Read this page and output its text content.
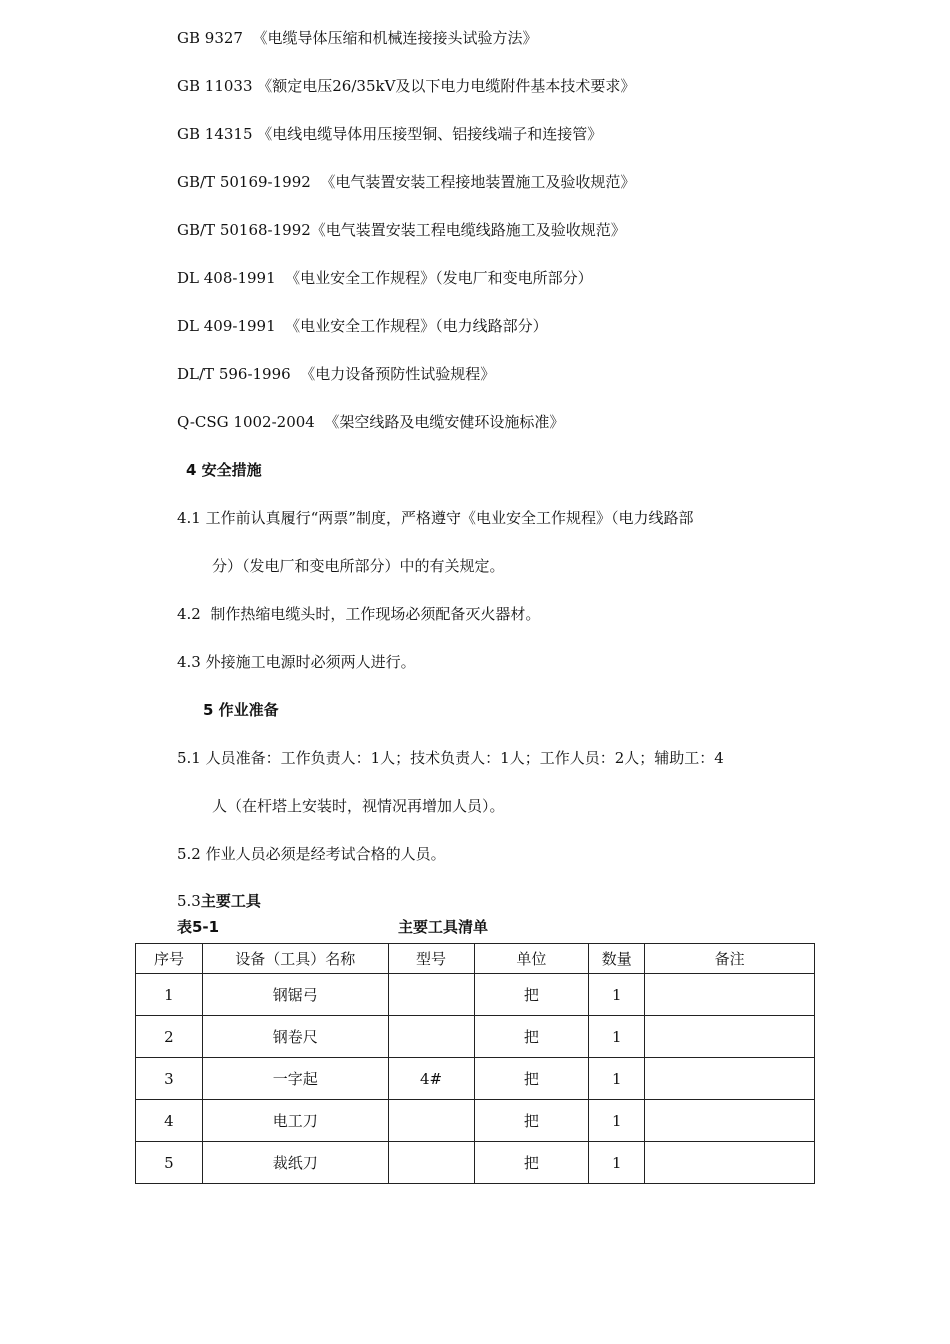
GB 9327  《电缆导体压缩和机械连接接头试验方法》
GB 11033 《额定电压26/35kV及以下电力电缆附件基本技术要求》
GB 14315 《电线电缆导体用压接型铜、铝接线端子和连接管》
GB/T 50169-1992  《电气装置安装工程接地装置施工及验收规范》
GB/T 50168-1992《电气装置安装工程电缆线路施工及验收规范》
DL 408-1991  《电业安全工作规程》（发电厂和变电所部分）
DL 409-1991  《电业安全工作规程》（电力线路部分）
DL/T 596-1996  《电力设备预防性试验规程》
Q-CSG 1002-2004  《架空线路及电缆安健环设施标准》
4 安全措施
4.1 工作前认真履行“两票”制度，严格遵守《电业安全工作规程》（电力线路部
分）（发电厂和变电所部分）中的有关规定。
4.2  制作热缩电缆头时，工作现场必须配备灭火器材。
4.3 外接施工电源时必须两人进行。
5 作业准备
5.1 人员准备：工作负责人：1人；技术负责人：1人；工作人员：2人；辅助工：4
人（在杆塔上安装时，视情况再增加人员）。
5.2 作业人员必须是经考试合格的人员。
5.3主要工具
表5-1	主要工具清单
序号	设备（工具）名称	型号	单位	数量	备注
1	钢锯弓		把	1	
2	钢卷尺		把	1	
3	一字起	4#	把	1	
4	电工刀		把	1	
5	裁纸刀		把	1	
